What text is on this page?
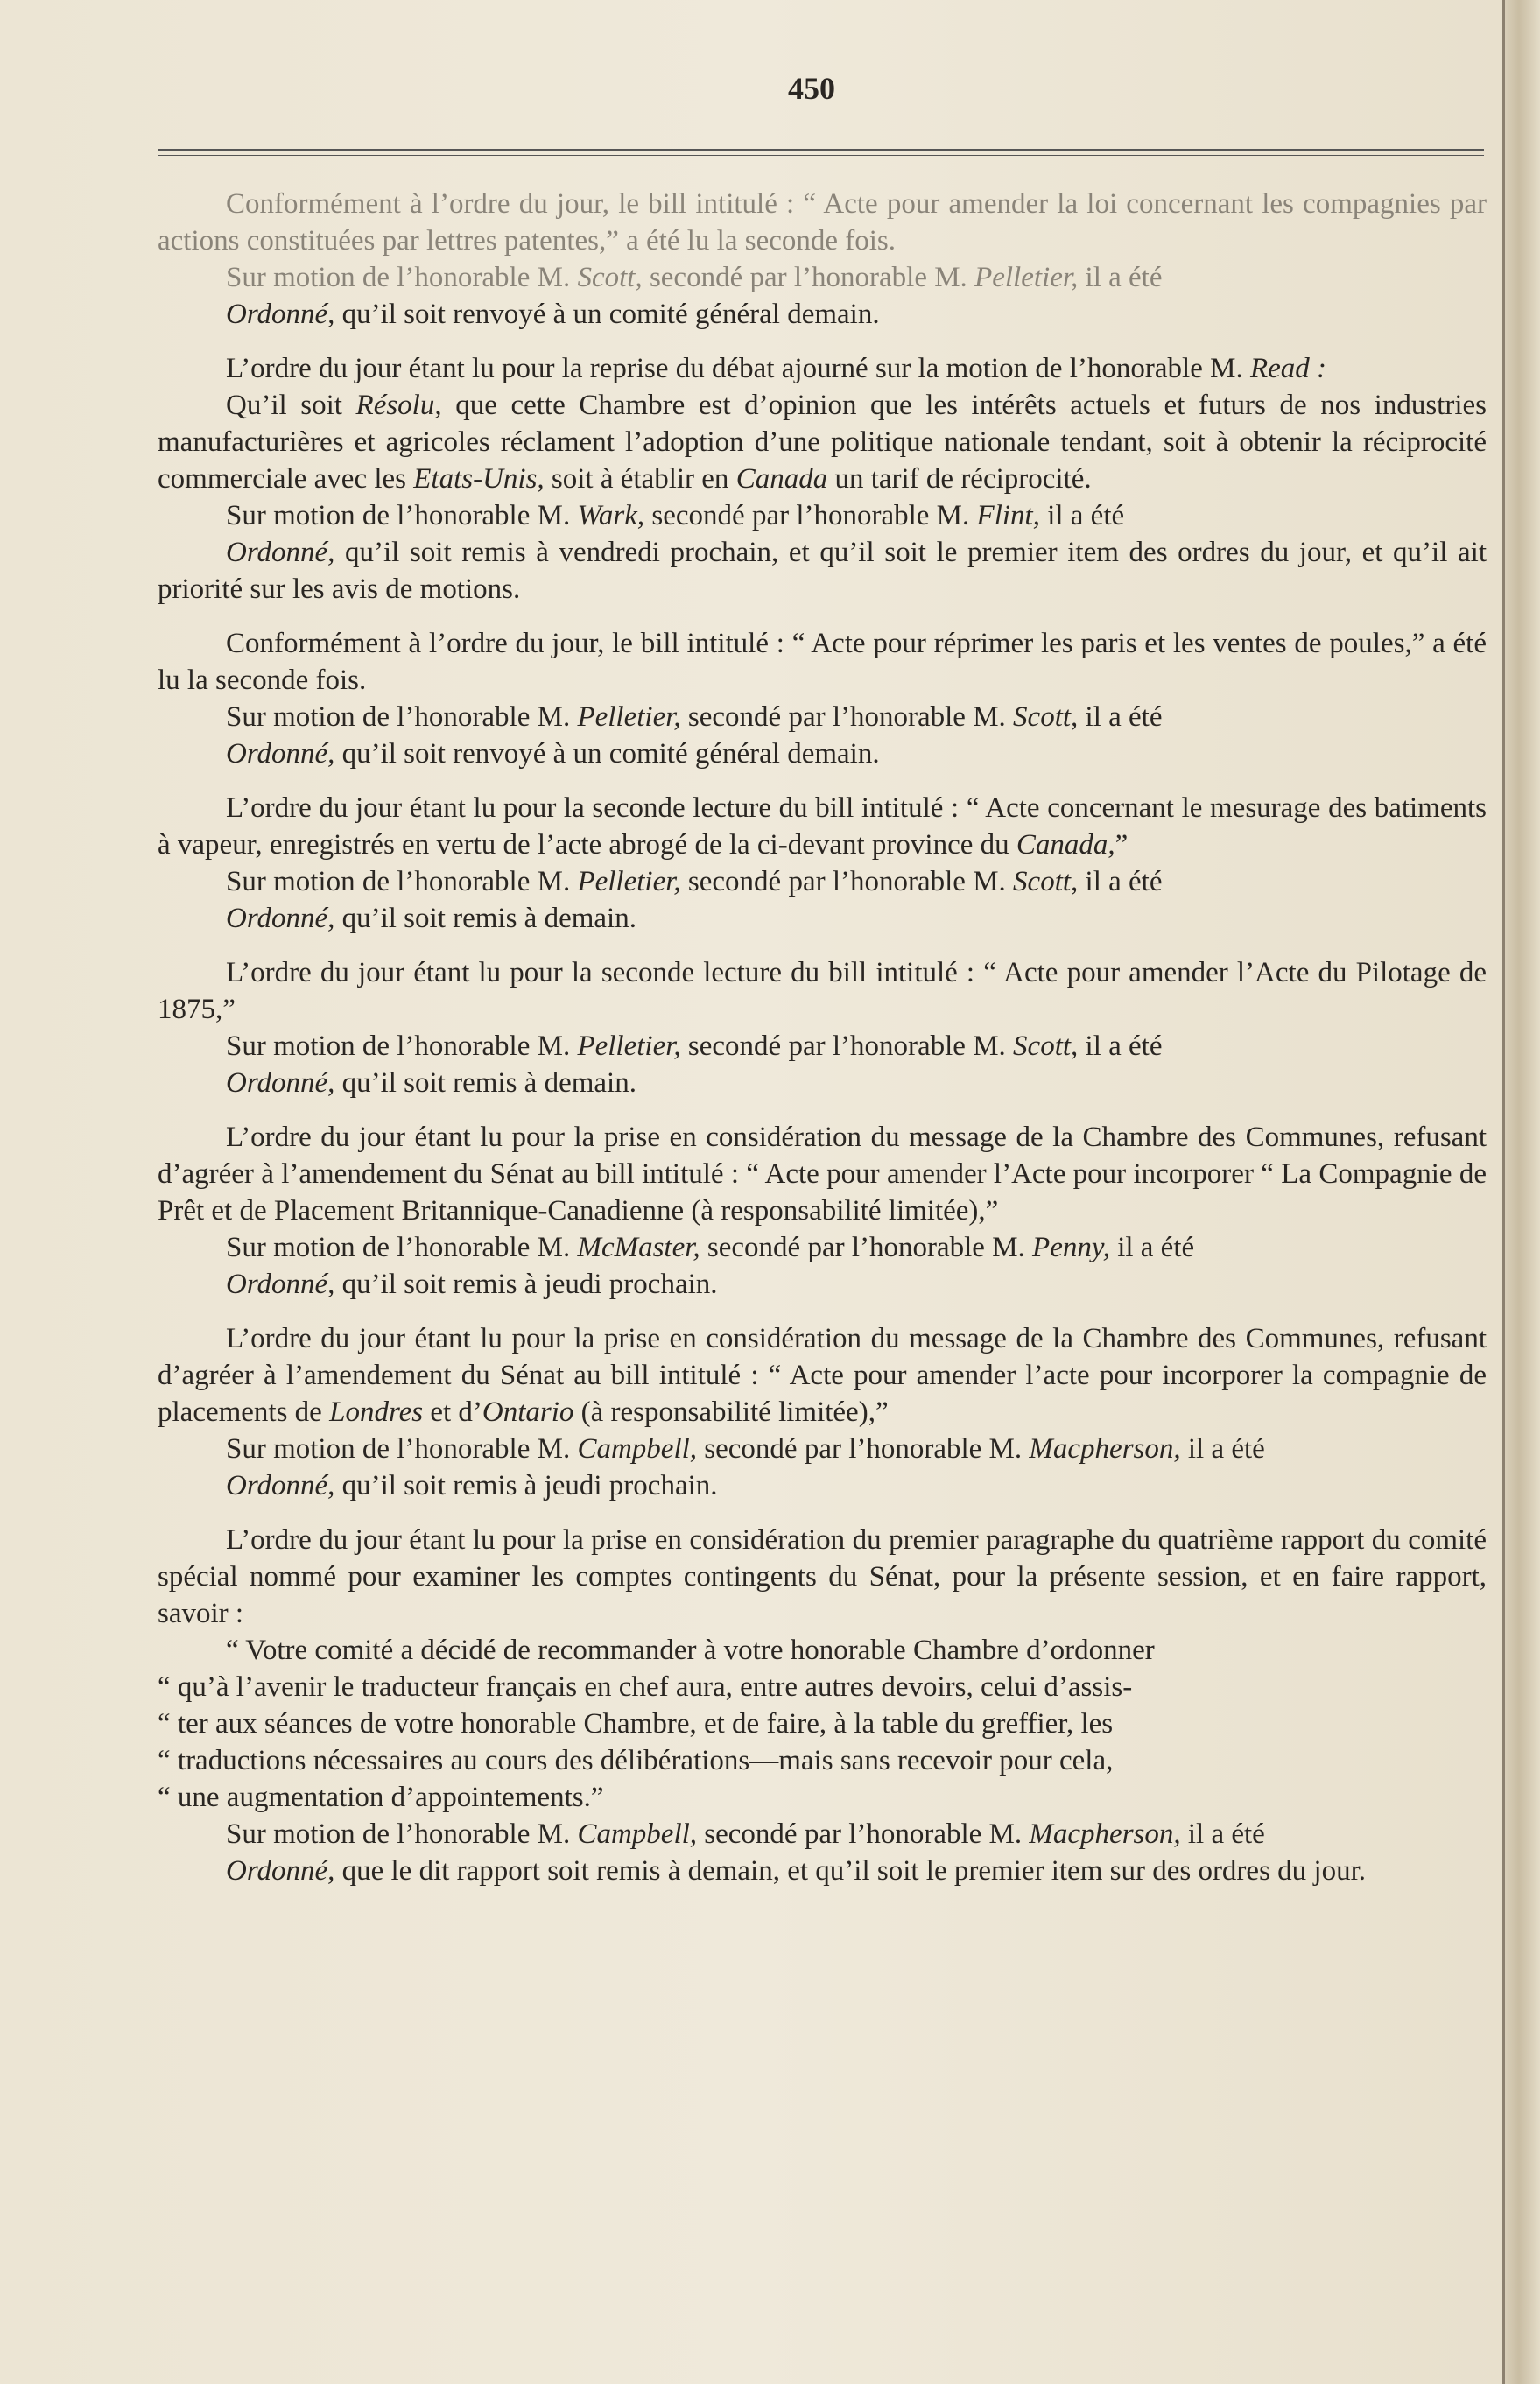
450

Conformément à l’ordre du jour, le bill intitulé : “ Acte pour amender la loi concernant les compagnies par actions constituées par lettres patentes,” a été lu la seconde fois.

Sur motion de l’honorable M. Scott, secondé par l’honorable M. Pelletier, il a été

Ordonné, qu’il soit renvoyé à un comité général demain.

L’ordre du jour étant lu pour la reprise du débat ajourné sur la motion de l’honorable M. Read :

Qu’il soit Résolu, que cette Chambre est d’opinion que les intérêts actuels et futurs de nos industries manufacturières et agricoles réclament l’adoption d’une politique nationale tendant, soit à obtenir la réciprocité commerciale avec les Etats-Unis, soit à établir en Canada un tarif de réciprocité.

Sur motion de l’honorable M. Wark, secondé par l’honorable M. Flint, il a été

Ordonné, qu’il soit remis à vendredi prochain, et qu’il soit le premier item des ordres du jour, et qu’il ait priorité sur les avis de motions.

Conformément à l’ordre du jour, le bill intitulé : “ Acte pour réprimer les paris et les ventes de poules,” a été lu la seconde fois.

Sur motion de l’honorable M. Pelletier, secondé par l’honorable M. Scott, il a été

Ordonné, qu’il soit renvoyé à un comité général demain.

L’ordre du jour étant lu pour la seconde lecture du bill intitulé : “ Acte concernant le mesurage des batiments à vapeur, enregistrés en vertu de l’acte abrogé de la ci-devant province du Canada,”

Sur motion de l’honorable M. Pelletier, secondé par l’honorable M. Scott, il a été

Ordonné, qu’il soit remis à demain.

L’ordre du jour étant lu pour la seconde lecture du bill intitulé : “ Acte pour amender l’Acte du Pilotage de 1875,”

Sur motion de l’honorable M. Pelletier, secondé par l’honorable M. Scott, il a été

Ordonné, qu’il soit remis à demain.

L’ordre du jour étant lu pour la prise en considération du message de la Chambre des Communes, refusant d’agréer à l’amendement du Sénat au bill intitulé : “ Acte pour amender l’Acte pour incorporer “ La Compagnie de Prêt et de Placement Britannique-Canadienne (à responsabilité limitée),”

Sur motion de l’honorable M. McMaster, secondé par l’honorable M. Penny, il a été

Ordonné, qu’il soit remis à jeudi prochain.

L’ordre du jour étant lu pour la prise en considération du message de la Chambre des Communes, refusant d’agréer à l’amendement du Sénat au bill intitulé : “ Acte pour amender l’acte pour incorporer la compagnie de placements de Londres et d’Ontario (à responsabilité limitée),”

Sur motion de l’honorable M. Campbell, secondé par l’honorable M. Macpherson, il a été

Ordonné, qu’il soit remis à jeudi prochain.

L’ordre du jour étant lu pour la prise en considération du premier paragraphe du quatrième rapport du comité spécial nommé pour examiner les comptes contingents du Sénat, pour la présente session, et en faire rapport, savoir :

“ Votre comité a décidé de recommander à votre honorable Chambre d’ordonner

“ qu’à l’avenir le traducteur français en chef aura, entre autres devoirs, celui d’assis-

“ ter aux séances de votre honorable Chambre, et de faire, à la table du greffier, les

“ traductions nécessaires au cours des délibérations—mais sans recevoir pour cela,

“ une augmentation d’appointements.”

Sur motion de l’honorable M. Campbell, secondé par l’honorable M. Macpherson, il a été

Ordonné, que le dit rapport soit remis à demain, et qu’il soit le premier item sur des ordres du jour.
